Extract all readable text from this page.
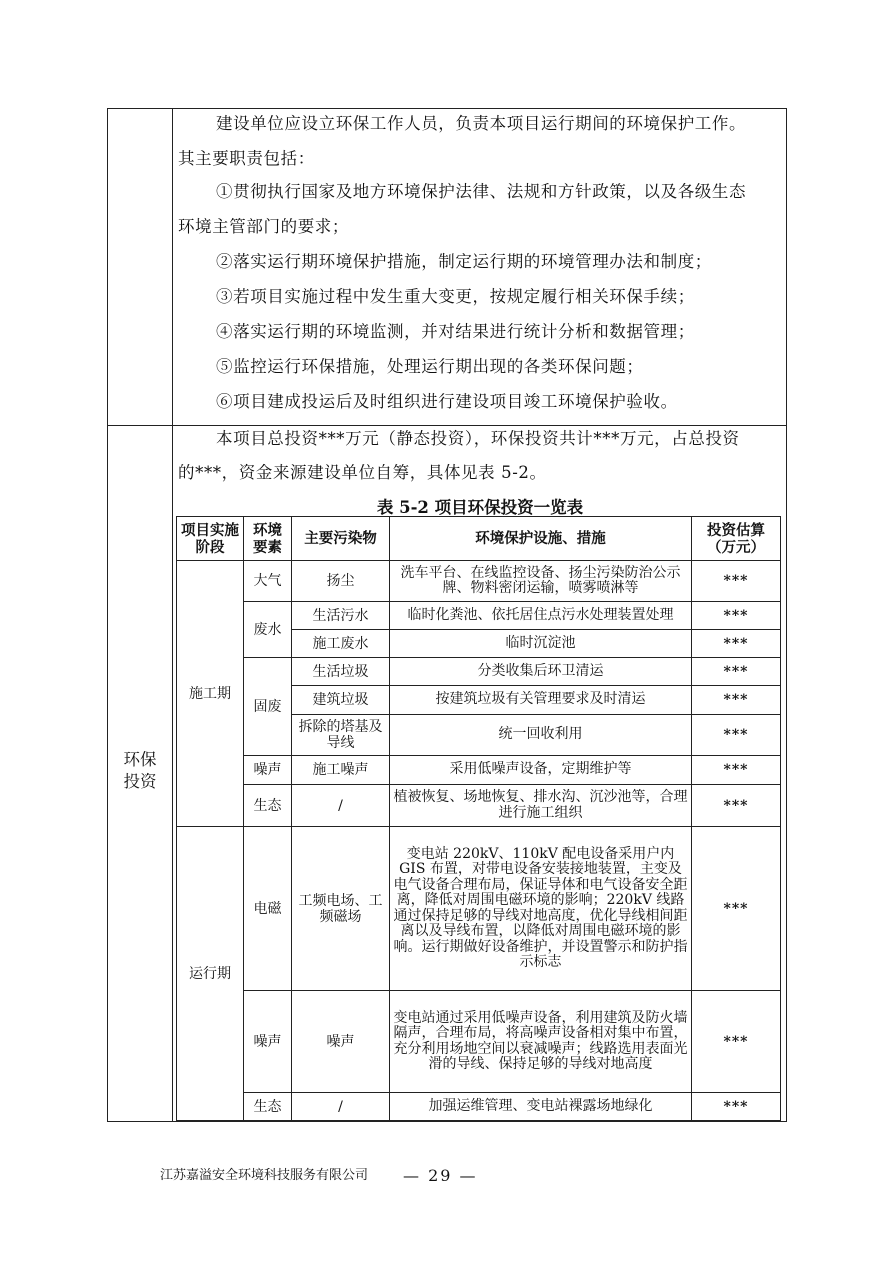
建设单位应设立环保工作人员，负责本项目运行期间的环境保护工作。
其主要职责包括：
①贯彻执行国家及地方环境保护法律、法规和方针政策，以及各级生态
环境主管部门的要求；
②落实运行期环境保护措施，制定运行期的环境管理办法和制度；
③若项目实施过程中发生重大变更，按规定履行相关环保手续；
④落实运行期的环境监测，并对结果进行统计分析和数据管理；
⑤监控运行环保措施，处理运行期出现的各类环保问题；
⑥项目建成投运后及时组织进行建设项目竣工环境保护验收。
环保
投资
本项目总投资***万元（静态投资），环保投资共计***万元，占总投资
的***，资金来源建设单位自筹，具体见表 5-2。
表 5-2 项目环保投资一览表
项目实施阶段	环境要素	主要污染物	环境保护设施、措施	投资估算（万元）
施工期	大气	扬尘	洗车平台、在线监控设备、扬尘污染防治公示牌、物料密闭运输，喷雾喷淋等	***
	废水	生活污水	临时化粪池、依托居住点污水处理装置处理	***
		施工废水	临时沉淀池	***
	固废	生活垃圾	分类收集后环卫清运	***
		建筑垃圾	按建筑垃圾有关管理要求及时清运	***
		拆除的塔基及导线	统一回收利用	***
	噪声	施工噪声	采用低噪声设备，定期维护等	***
	生态	/	植被恢复、场地恢复、排水沟、沉沙池等，合理进行施工组织	***
运行期	电磁	工频电场、工频磁场	变电站 220kV、110kV 配电设备采用户内 GIS 布置，对带电设备安装接地装置，主变及电气设备合理布局，保证导体和电气设备安全距离，降低对周围电磁环境的影响；220kV 线路通过保持足够的导线对地高度，优化导线相间距离以及导线布置，以降低对周围电磁环境的影响。运行期做好设备维护，并设置警示和防护指示标志	***
	噪声	噪声	变电站通过采用低噪声设备，利用建筑及防火墙隔声，合理布局，将高噪声设备相对集中布置，充分利用场地空间以衰减噪声；线路选用表面光滑的导线、保持足够的导线对地高度	***
	生态	/	加强运维管理、变电站裸露场地绿化	***
江苏嘉溢安全环境科技服务有限公司 — 29 —
